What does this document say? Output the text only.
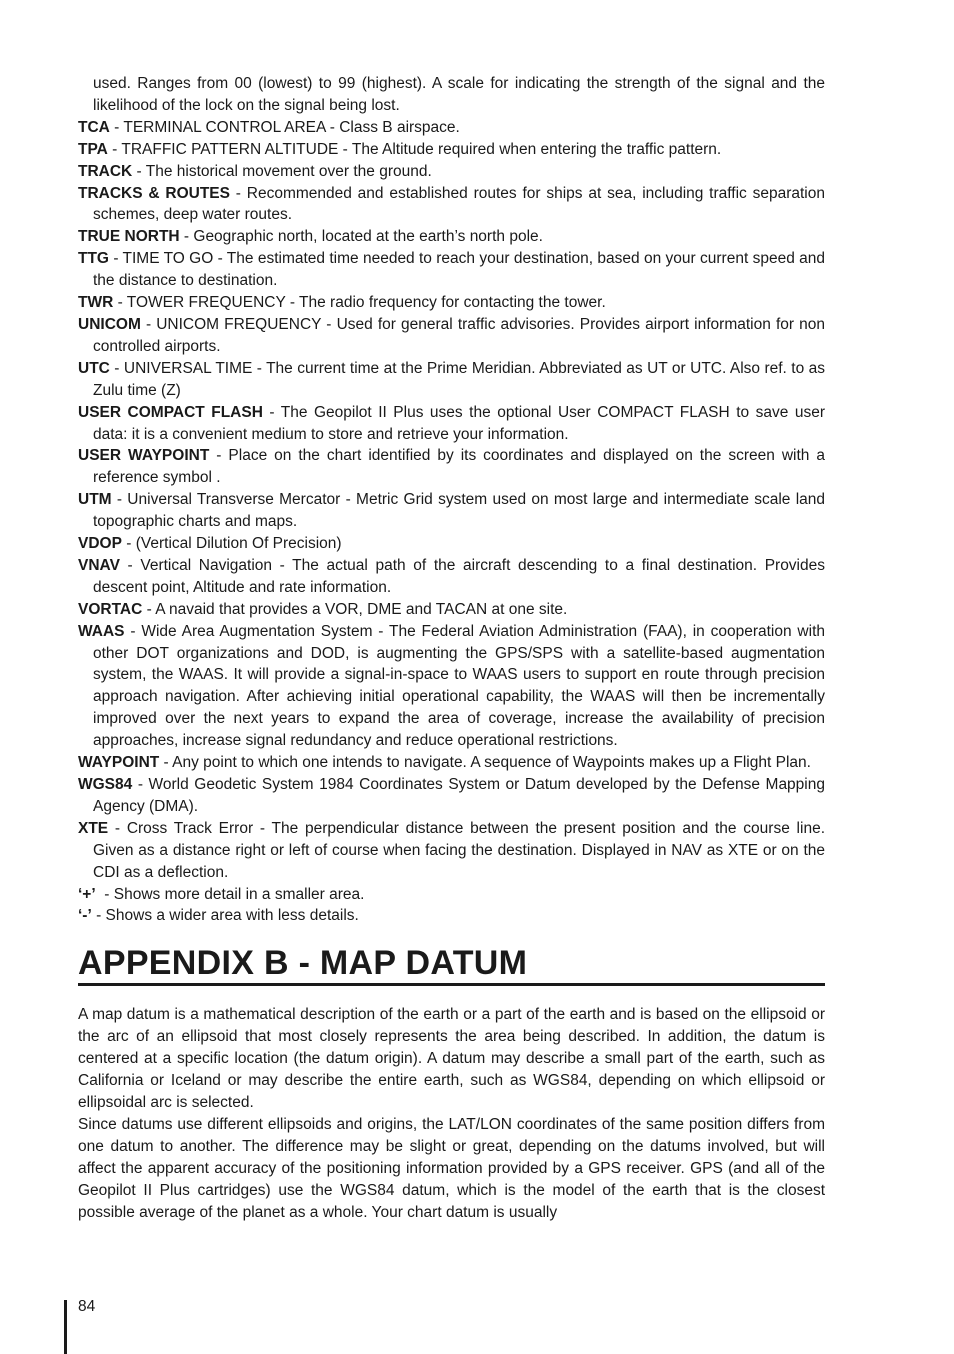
used. Ranges from 00 (lowest) to 99 (highest). A scale for indicating the strength of the signal and the likelihood of the lock on the signal being lost.

TCA - TERMINAL CONTROL AREA - Class B airspace.

TPA - TRAFFIC PATTERN ALTITUDE - The Altitude required when entering the traffic pattern.

TRACK - The historical movement over the ground.

TRACKS & ROUTES - Recommended and established routes for ships at sea, including traffic separation schemes, deep water routes.

TRUE NORTH - Geographic north, located at the earth’s north pole.

TTG - TIME TO GO - The estimated time needed to reach your destination, based on your current speed and the distance to destination.

TWR - TOWER FREQUENCY - The radio frequency for contacting the tower.

UNICOM - UNICOM FREQUENCY - Used for general traffic advisories. Provides airport information for non controlled airports.

UTC - UNIVERSAL TIME - The current time at the Prime Meridian. Abbreviated as UT or UTC. Also ref. to as Zulu time (Z)

USER COMPACT FLASH - The Geopilot II Plus uses the optional User COMPACT FLASH to save user data: it is a convenient medium to store and retrieve your information.

USER WAYPOINT - Place on the chart identified by its coordinates and displayed on the screen with a reference symbol .

UTM - Universal Transverse Mercator - Metric Grid system used on most large and intermediate scale land topographic charts and maps.

VDOP - (Vertical Dilution Of Precision)

VNAV - Vertical Navigation - The actual path of the aircraft descending to a final destination. Provides descent point, Altitude and rate information.

VORTAC - A navaid that provides a VOR, DME and TACAN at one site.

WAAS - Wide Area Augmentation System - The Federal Aviation Administration (FAA), in cooperation with other DOT organizations and DOD, is augmenting the GPS/SPS with a satellite-based augmentation system, the WAAS. It will provide a signal-in-space to WAAS users to support en route through precision approach navigation. After achieving initial operational capability, the WAAS will then be incrementally improved over the next years to expand the area of coverage, increase the availability of precision approaches, increase signal redundancy and reduce operational restrictions.

WAYPOINT - Any point to which one intends to navigate. A sequence of Waypoints makes up a Flight Plan.

WGS84 - World Geodetic System 1984 Coordinates System or Datum developed by the Defense Mapping Agency (DMA).

XTE - Cross Track Error - The perpendicular distance between the present position and the course line. Given as a distance right or left of course when facing the destination. Displayed in NAV as XTE or on the CDI as a deflection.

‘+’  - Shows more detail in a smaller area.

‘-’ - Shows a wider area with less details.

APPENDIX B - MAP DATUM

A map datum is a mathematical description of the earth or a part of the earth and is based on the ellipsoid or the arc of an ellipsoid that most closely represents the area being described. In addition, the datum is centered at a specific location (the datum origin). A datum may describe a small part of the earth, such as California or Iceland or may describe the entire earth, such as WGS84, depending on which ellipsoid or ellipsoidal arc is selected.

Since datums use different ellipsoids and origins, the LAT/LON coordinates of the same position differs from one datum to another. The difference may be slight or great, depending on the datums involved, but will affect the apparent accuracy of the positioning information provided by a GPS receiver. GPS (and all of the Geopilot II Plus cartridges) use the WGS84 datum, which is the model of the earth that is the closest possible average of the planet as a whole. Your chart datum is usually

84
